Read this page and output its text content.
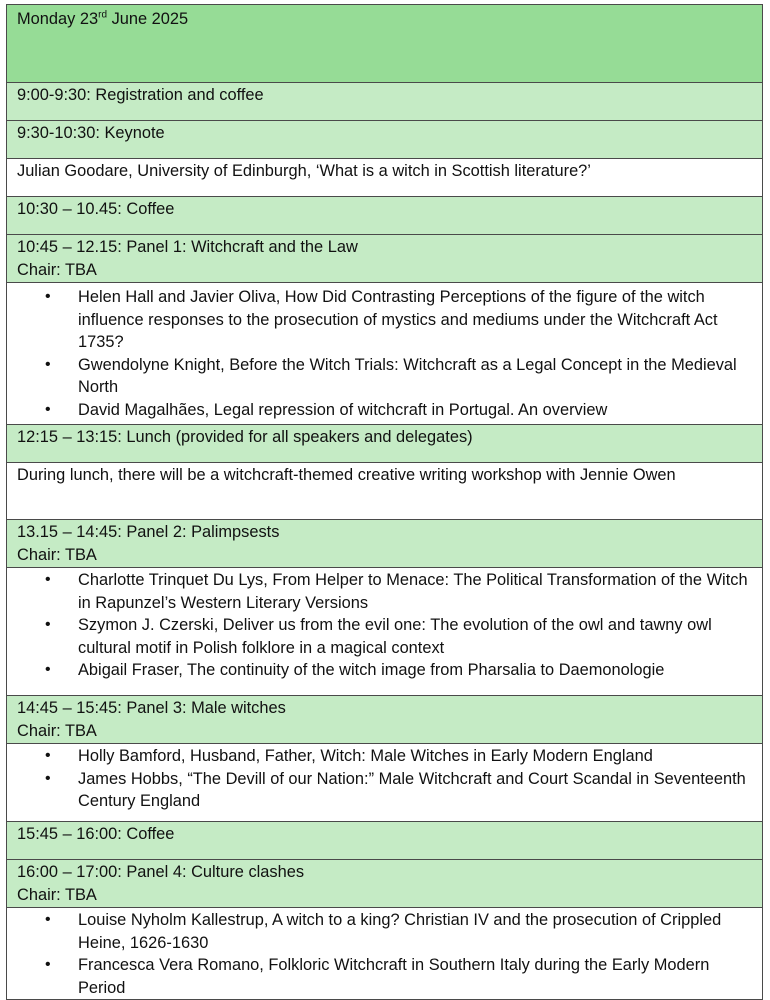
Monday 23rd June 2025
9:00-9:30: Registration and coffee
9:30-10:30: Keynote
Julian Goodare, University of Edinburgh, ‘What is a witch in Scottish literature?’
10:30 – 10.45: Coffee

10:45 – 12.15: Panel 1: Witchcraft and the Law
Chair: TBA

• Helen Hall and Javier Oliva, How Did Contrasting Perceptions of the figure of the witch influence responses to the prosecution of mystics and mediums under the Witchcraft Act 1735?
• Gwendolyne Knight, Before the Witch Trials: Witchcraft as a Legal Concept in the Medieval North
• David Magalhães, Legal repression of witchcraft in Portugal. An overview

12:15 – 13:15: Lunch (provided for all speakers and delegates)
During lunch, there will be a witchcraft-themed creative writing workshop with Jennie Owen

13.15 – 14:45: Panel 2: Palimpsests
Chair: TBA

• Charlotte Trinquet Du Lys, From Helper to Menace: The Political Transformation of the Witch in Rapunzel’s Western Literary Versions
• Szymon J. Czerski, Deliver us from the evil one: The evolution of the owl and tawny owl cultural motif in Polish folklore in a magical context
• Abigail Fraser, The continuity of the witch image from Pharsalia to Daemonologie

14:45 – 15:45: Panel 3: Male witches
Chair: TBA

• Holly Bamford, Husband, Father, Witch: Male Witches in Early Modern England
• James Hobbs, “The Devill of our Nation:” Male Witchcraft and Court Scandal in Seventeenth Century England

15:45 – 16:00: Coffee

16:00 – 17:00: Panel 4: Culture clashes
Chair: TBA

• Louise Nyholm Kallestrup, A witch to a king? Christian IV and the prosecution of Crippled Heine, 1626-1630
• Francesca Vera Romano, Folkloric Witchcraft in Southern Italy during the Early Modern Period
